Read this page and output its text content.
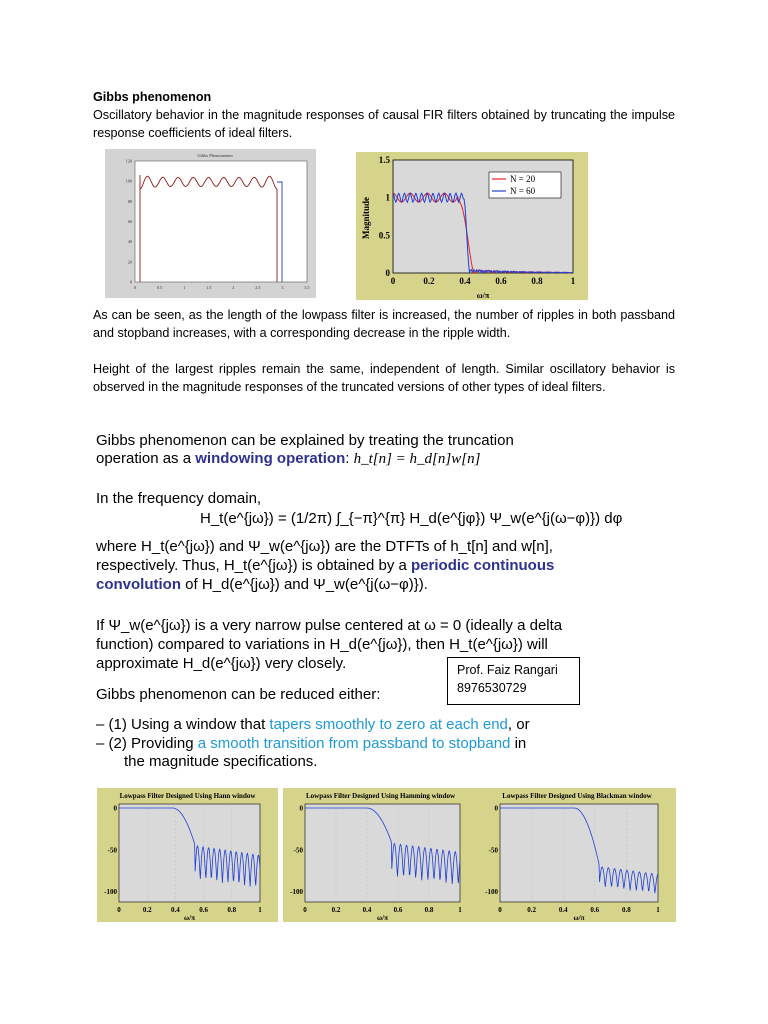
Gibbs phenomenon
Oscillatory behavior in the magnitude responses of causal FIR filters obtained by truncating the impulse response coefficients of ideal filters.
Gibbs Phenomenon
120
100
80
60
40
20
0
0	0.5	1	1.5	2	2.5	3	3.5
1.5
1
0.5
0
0	0.2	0.4	0.6	0.8	1
ω/π
Magnitude
N = 20
N = 60
As can be seen, as the length of the lowpass filter is increased, the number of ripples in both passband and stopband increases, with a corresponding decrease in the ripple width.
Height of the largest ripples remain the same, independent of length. Similar oscillatory behavior is observed in the magnitude responses of the truncated versions of other types of ideal filters.
Gibbs phenomenon can be explained by treating the truncation
operation as a windowing operation: h_t[n] = h_d[n]w[n]
In the frequency domain,
H_t(e^{jω}) = (1/2π) ∫_{−π}^{π} H_d(e^{jφ}) Ψ_w(e^{j(ω−φ)}) dφ
where H_t(e^{jω}) and Ψ_w(e^{jω}) are the DTFTs of h_t[n] and w[n],
respectively. Thus, H_t(e^{jω}) is obtained by a periodic continuous
convolution of H_d(e^{jω}) and Ψ_w(e^{j(ω−φ)}).
If Ψ_w(e^{jω}) is a very narrow pulse centered at ω = 0 (ideally a delta
function) compared to variations in H_d(e^{jω}), then H_t(e^{jω}) will
approximate H_d(e^{jω}) very closely.
Gibbs phenomenon can be reduced either:
– (1) Using a window that tapers smoothly to zero at each end, or
– (2) Providing a smooth transition from passband to stopband in
the magnitude specifications.
Prof. Faiz Rangari
8976530729
Lowpass Filter Designed Using Hann window
0
-50
-100
0	0.2	0.4	0.6	0.8	1
ω/π
Lowpass Filter Designed Using Hamming window
0
-50
-100
0	0.2	0.4	0.6	0.8	1
ω/π
Lowpass Filter Designed Using Blackman window
0
-50
-100
0	0.2	0.4	0.6	0.8	1
ω/π
